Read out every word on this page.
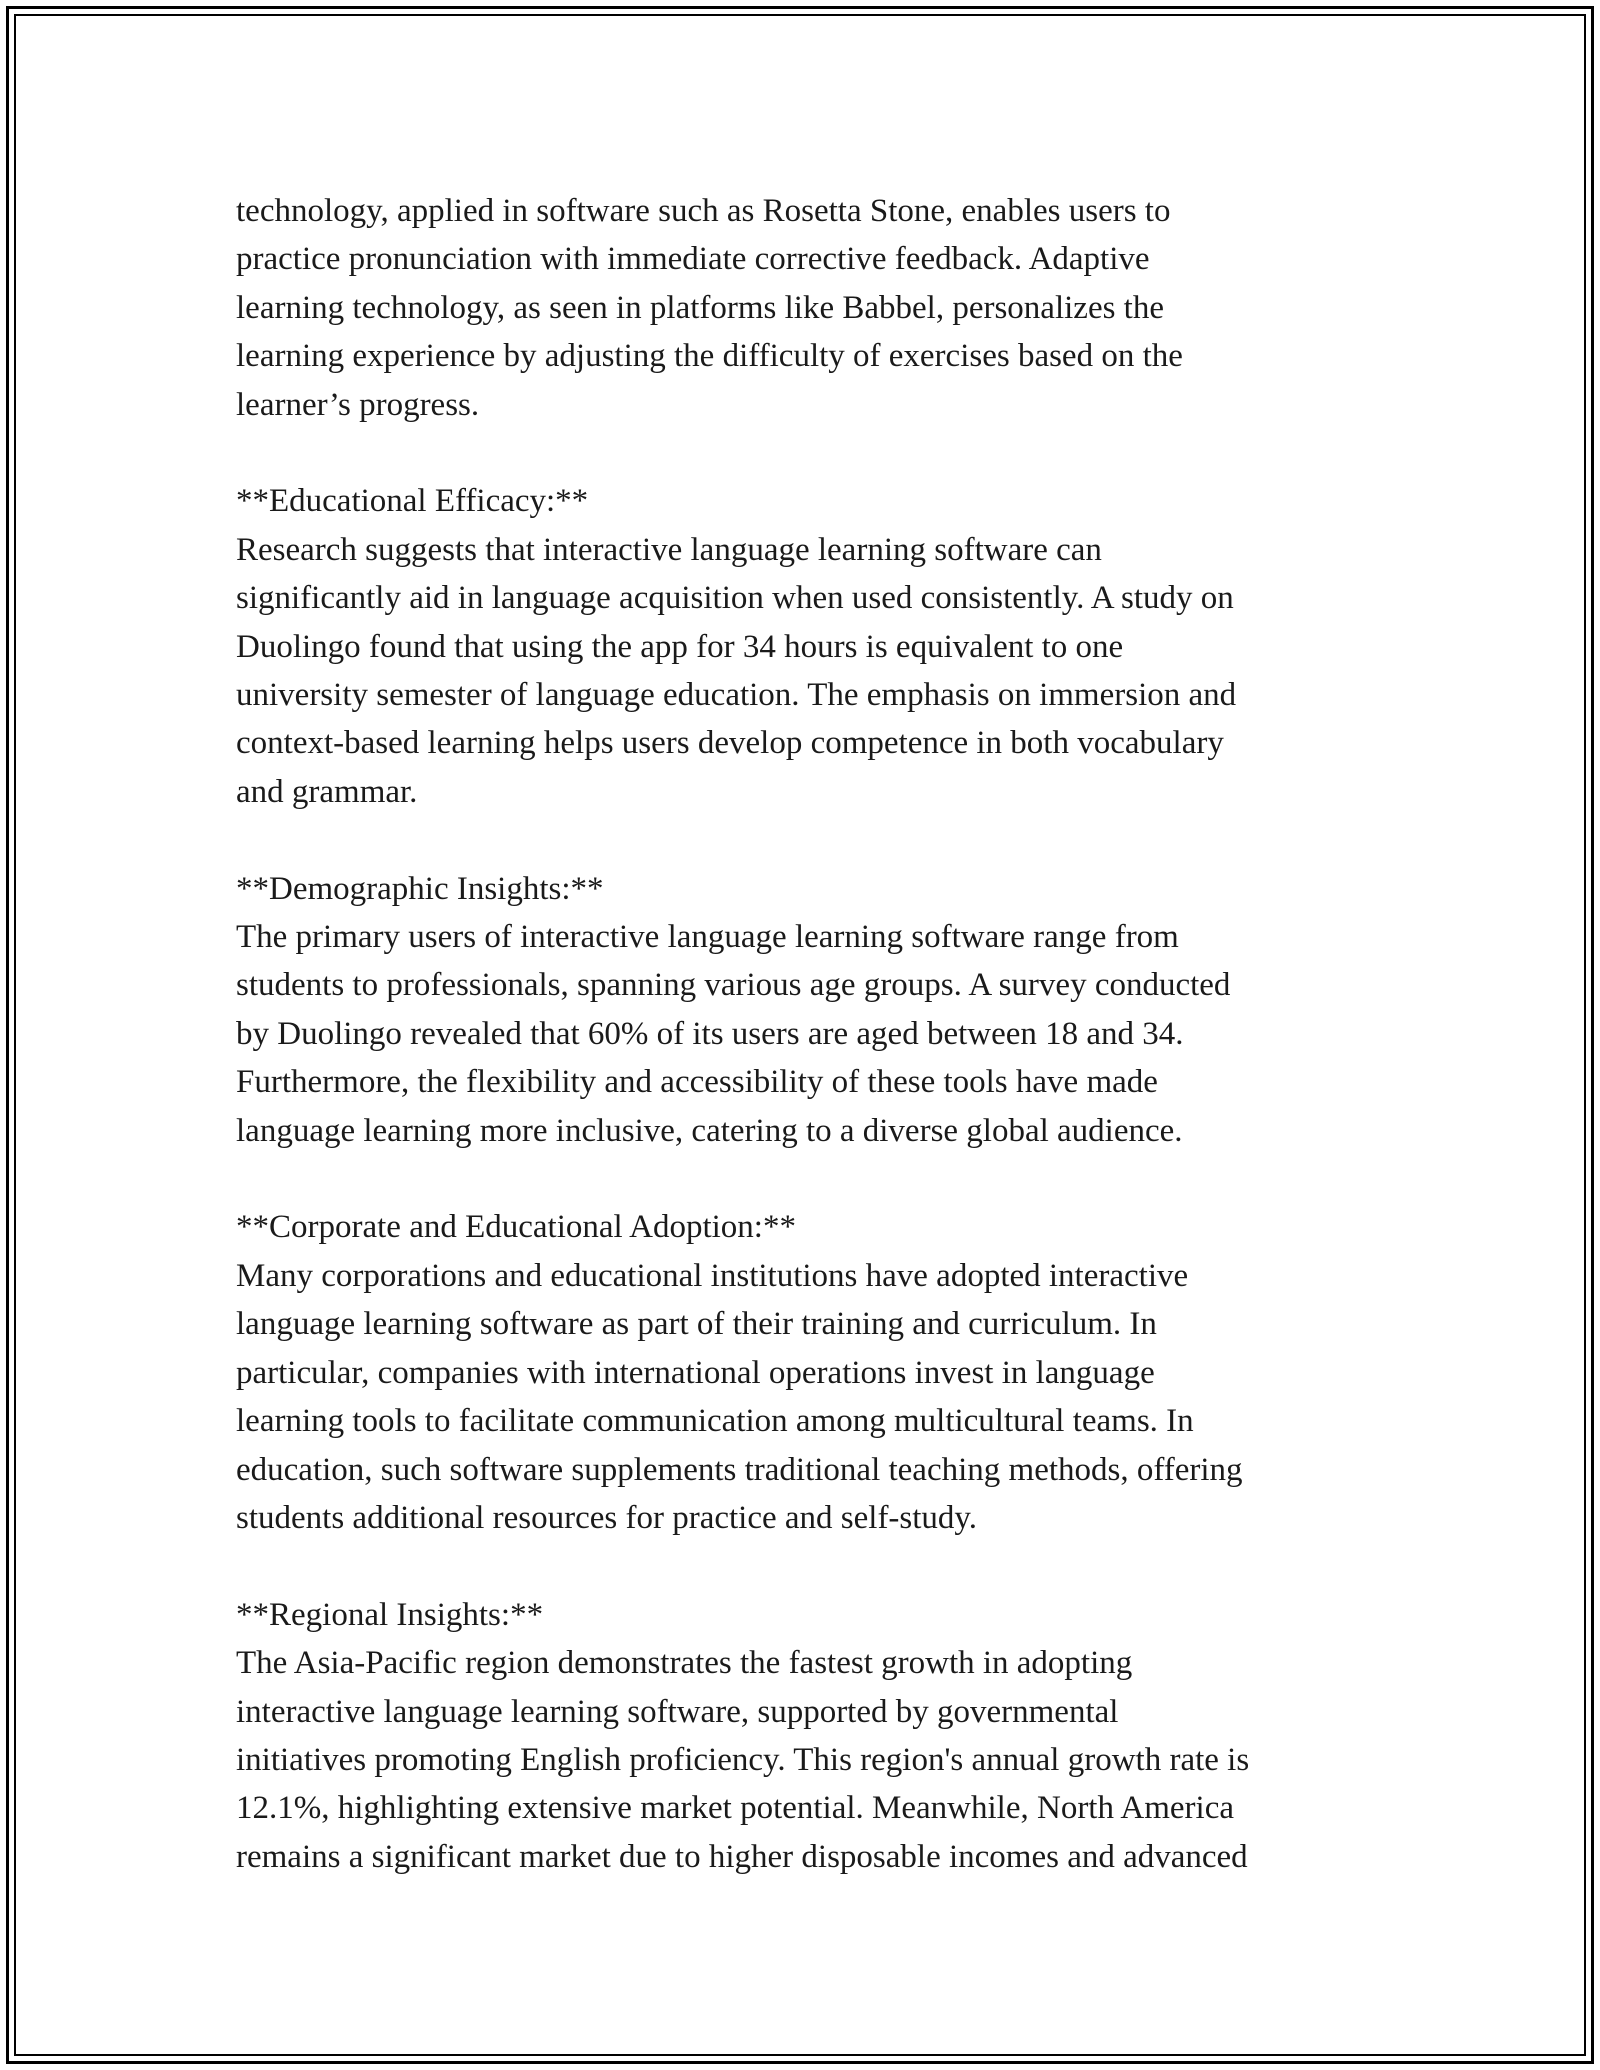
technology, applied in software such as Rosetta Stone, enables users to

practice pronunciation with immediate corrective feedback. Adaptive

learning technology, as seen in platforms like Babbel, personalizes the

learning experience by adjusting the difficulty of exercises based on the

learner’s progress.

**Educational Efficacy:**

Research suggests that interactive language learning software can

significantly aid in language acquisition when used consistently. A study on

Duolingo found that using the app for 34 hours is equivalent to one

university semester of language education. The emphasis on immersion and

context-based learning helps users develop competence in both vocabulary

and grammar.

**Demographic Insights:**

The primary users of interactive language learning software range from

students to professionals, spanning various age groups. A survey conducted

by Duolingo revealed that 60% of its users are aged between 18 and 34.

Furthermore, the flexibility and accessibility of these tools have made

language learning more inclusive, catering to a diverse global audience.

**Corporate and Educational Adoption:**

Many corporations and educational institutions have adopted interactive

language learning software as part of their training and curriculum. In

particular, companies with international operations invest in language

learning tools to facilitate communication among multicultural teams. In

education, such software supplements traditional teaching methods, offering

students additional resources for practice and self-study.

**Regional Insights:**

The Asia-Pacific region demonstrates the fastest growth in adopting

interactive language learning software, supported by governmental

initiatives promoting English proficiency. This region's annual growth rate is

12.1%, highlighting extensive market potential. Meanwhile, North America

remains a significant market due to higher disposable incomes and advanced
